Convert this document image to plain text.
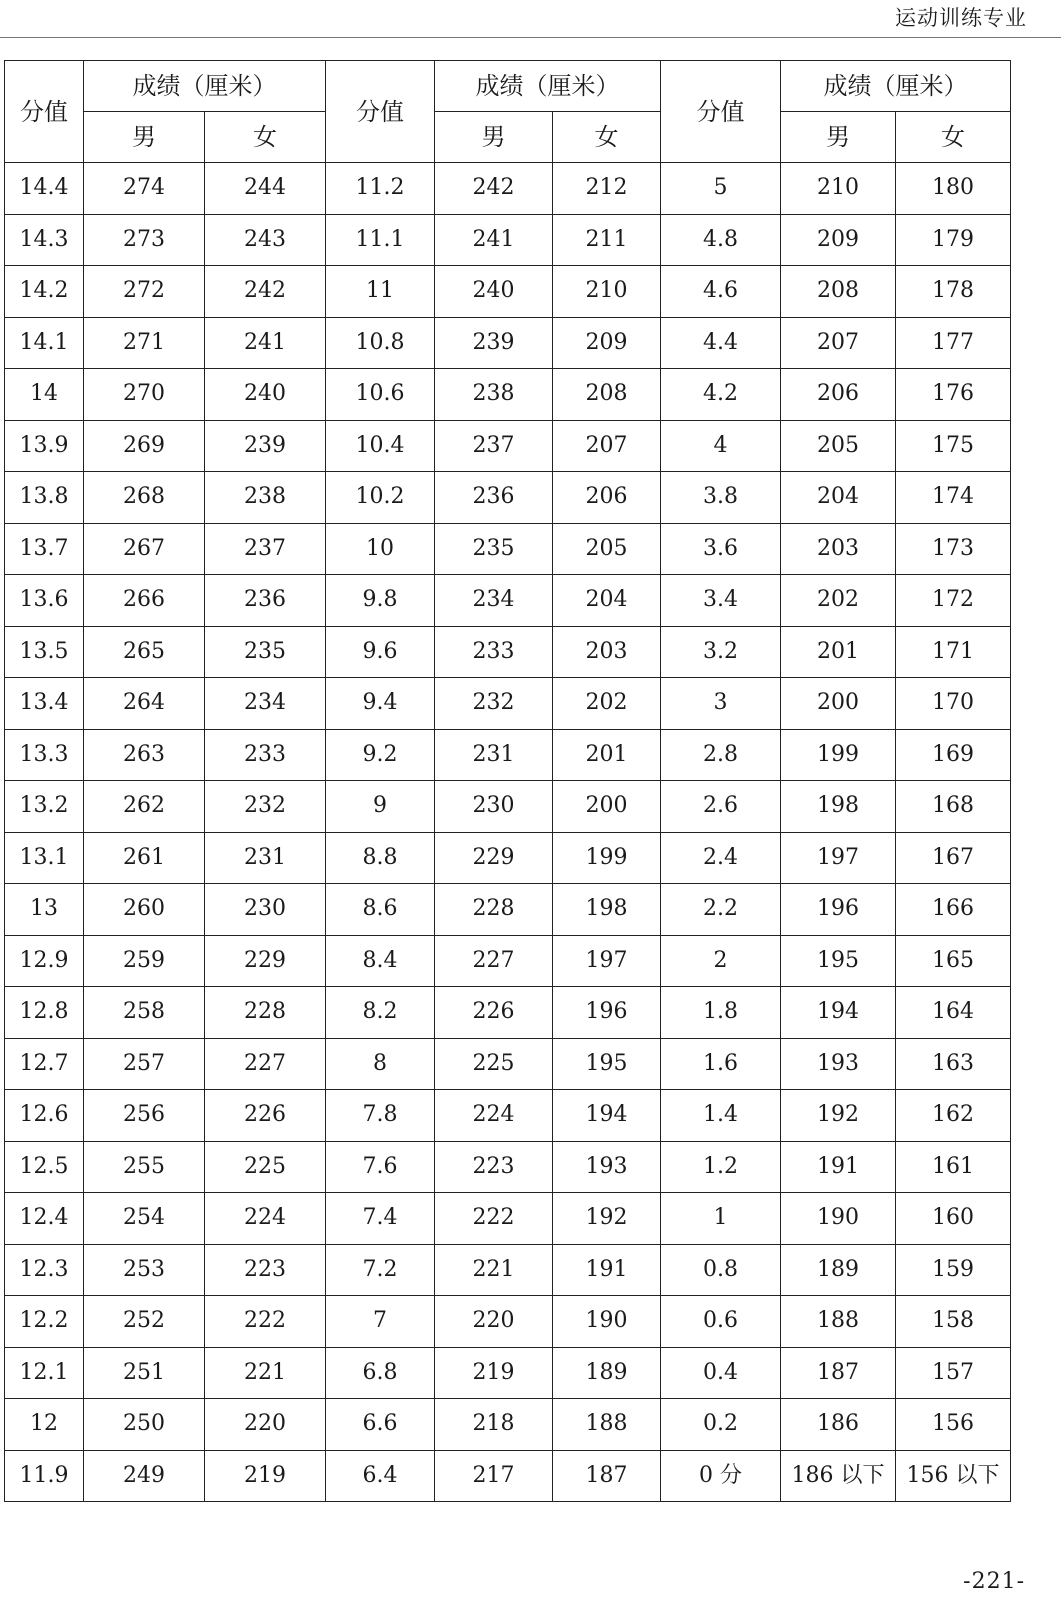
运动训练专业
分值	成绩（厘米）		分值	成绩（厘米）		分值	成绩（厘米）	
	男	女		男	女		男	女
14.4	274	244	11.2	242	212	5	210	180
14.3	273	243	11.1	241	211	4.8	209	179
14.2	272	242	11	240	210	4.6	208	178
14.1	271	241	10.8	239	209	4.4	207	177
14	270	240	10.6	238	208	4.2	206	176
13.9	269	239	10.4	237	207	4	205	175
13.8	268	238	10.2	236	206	3.8	204	174
13.7	267	237	10	235	205	3.6	203	173
13.6	266	236	9.8	234	204	3.4	202	172
13.5	265	235	9.6	233	203	3.2	201	171
13.4	264	234	9.4	232	202	3	200	170
13.3	263	233	9.2	231	201	2.8	199	169
13.2	262	232	9	230	200	2.6	198	168
13.1	261	231	8.8	229	199	2.4	197	167
13	260	230	8.6	228	198	2.2	196	166
12.9	259	229	8.4	227	197	2	195	165
12.8	258	228	8.2	226	196	1.8	194	164
12.7	257	227	8	225	195	1.6	193	163
12.6	256	226	7.8	224	194	1.4	192	162
12.5	255	225	7.6	223	193	1.2	191	161
12.4	254	224	7.4	222	192	1	190	160
12.3	253	223	7.2	221	191	0.8	189	159
12.2	252	222	7	220	190	0.6	188	158
12.1	251	221	6.8	219	189	0.4	187	157
12	250	220	6.6	218	188	0.2	186	156
11.9	249	219	6.4	217	187	0 分	186 以下	156 以下
-221-
